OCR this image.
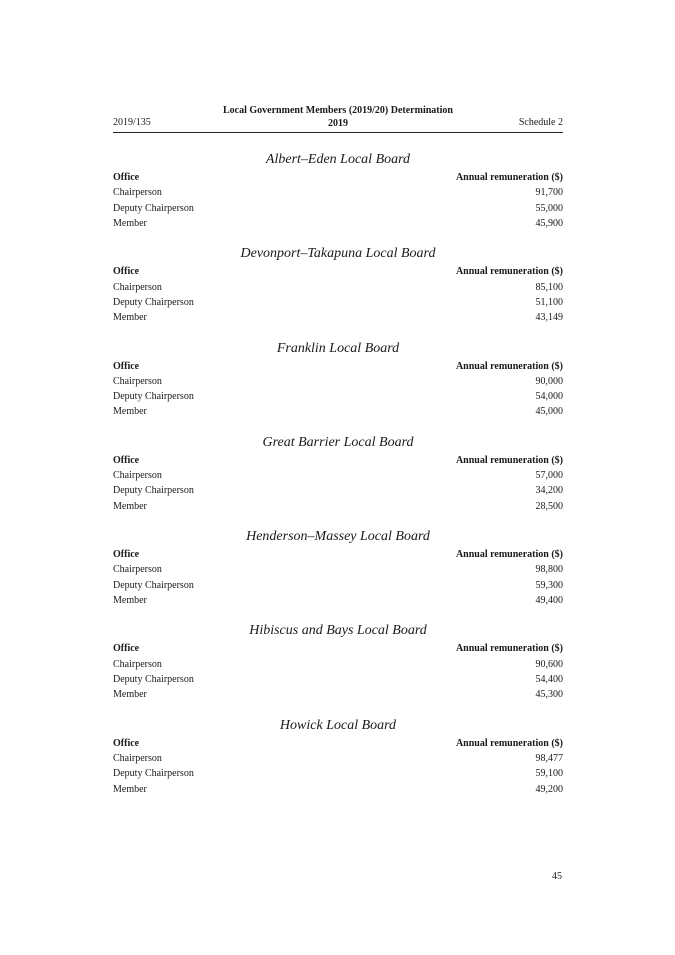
2019/135
Local Government Members (2019/20) Determination
2019	Schedule 2
Albert–Eden Local Board
Office	Annual remuneration ($)
Chairperson	91,700
Deputy Chairperson	55,000
Member	45,900
Devonport–Takapuna Local Board
Office	Annual remuneration ($)
Chairperson	85,100
Deputy Chairperson	51,100
Member	43,149
Franklin Local Board
Office	Annual remuneration ($)
Chairperson	90,000
Deputy Chairperson	54,000
Member	45,000
Great Barrier Local Board
Office	Annual remuneration ($)
Chairperson	57,000
Deputy Chairperson	34,200
Member	28,500
Henderson–Massey Local Board
Office	Annual remuneration ($)
Chairperson	98,800
Deputy Chairperson	59,300
Member	49,400
Hibiscus and Bays Local Board
Office	Annual remuneration ($)
Chairperson	90,600
Deputy Chairperson	54,400
Member	45,300
Howick Local Board
Office	Annual remuneration ($)
Chairperson	98,477
Deputy Chairperson	59,100
Member	49,200
45
